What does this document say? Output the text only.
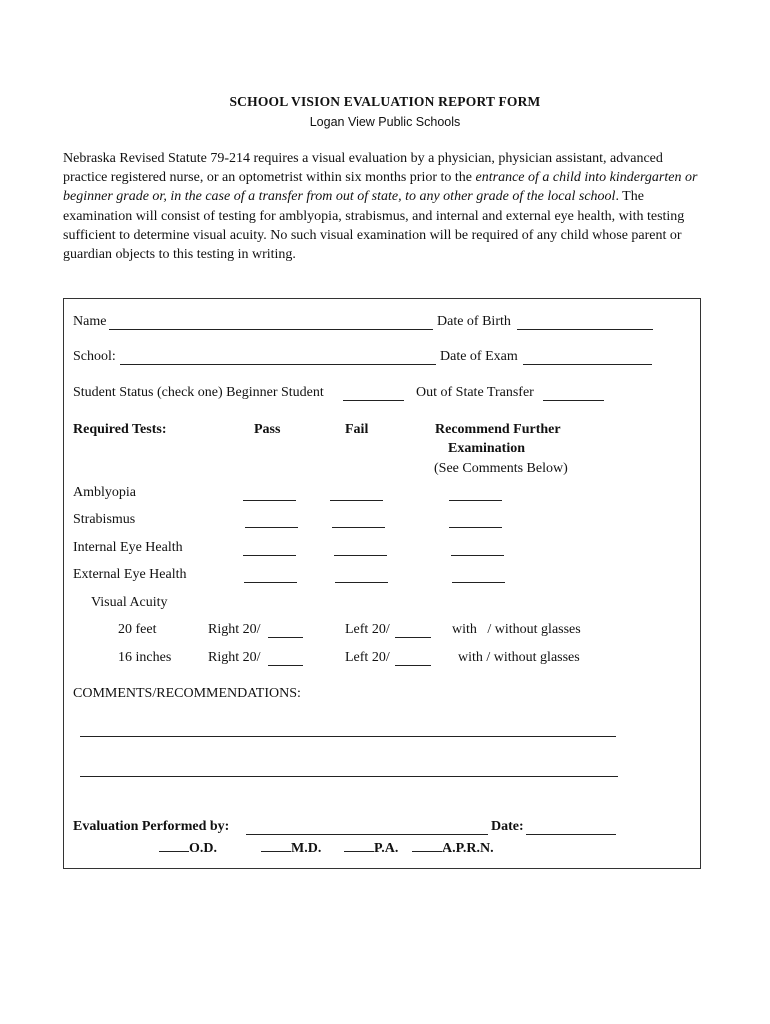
SCHOOL VISION EVALUATION REPORT FORM
Logan View Public Schools
Nebraska Revised Statute 79-214 requires a visual evaluation by a physician, physician assistant, advanced practice registered nurse, or an optometrist within six months prior to the entrance of a child into kindergarten or beginner grade or, in the case of a transfer from out of state, to any other grade of the local school. The examination will consist of testing for amblyopia, strabismus, and internal and external eye health, with testing sufficient to determine visual acuity. No such visual examination will be required of any child whose parent or guardian objects to this testing in writing.
Name	Date of Birth
School:	Date of Exam
Student Status (check one) Beginner Student	Out of State Transfer
Required Tests:	Pass	Fail	Recommend Further
Examination
(See Comments Below)
Amblyopia
Strabismus
Internal Eye Health
External Eye Health
Visual Acuity
20 feet	Right 20/	Left 20/	with   / without glasses
16 inches	Right 20/	Left 20/	with / without glasses
COMMENTS/RECOMMENDATIONS:
Evaluation Performed by:	Date:
O.D.	M.D.	P.A.	A.P.R.N.
